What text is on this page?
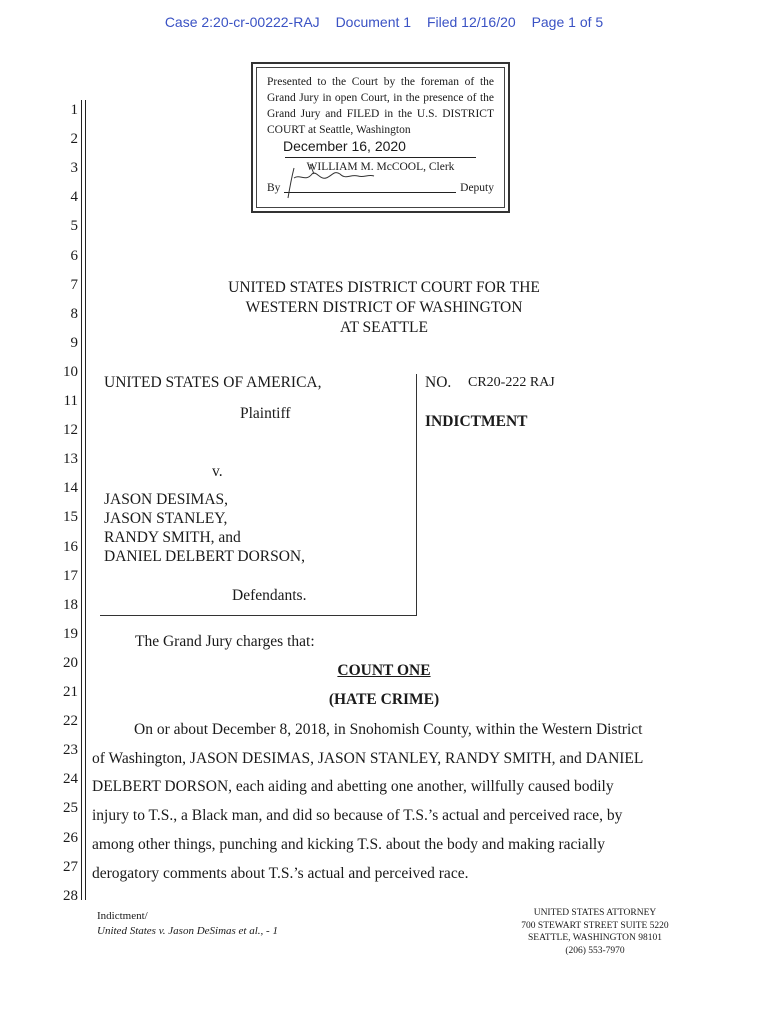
Case 2:20-cr-00222-RAJ Document 1 Filed 12/16/20 Page 1 of 5
Presented to the Court by the foreman of the Grand Jury in open Court, in the presence of the Grand Jury and FILED in the U.S. DISTRICT COURT at Seattle, Washington
December 16, 2020
WILLIAM M. McCOOL, Clerk
By	Deputy
1
2
3
4
5
6
7
8
9
10
11
12
13
14
15
16
17
18
19
20
21
22
23
24
25
26
27
28
UNITED STATES DISTRICT COURT FOR THE
WESTERN DISTRICT OF WASHINGTON
AT SEATTLE
UNITED STATES OF AMERICA,
Plaintiff
v.
JASON DESIMAS,
JASON STANLEY,
RANDY SMITH, and
DANIEL DELBERT DORSON,
Defendants.
NO. CR20-222 RAJ
INDICTMENT
The Grand Jury charges that:
COUNT ONE
(HATE CRIME)
On or about December 8, 2018, in Snohomish County, within the Western District
of Washington, JASON DESIMAS, JASON STANLEY, RANDY SMITH, and DANIEL
DELBERT DORSON, each aiding and abetting one another, willfully caused bodily
injury to T.S., a Black man, and did so because of T.S.’s actual and perceived race, by
among other things, punching and kicking T.S. about the body and making racially
derogatory comments about T.S.’s actual and perceived race.
Indictment/
United States v. Jason DeSimas et al., - 1
UNITED STATES ATTORNEY
700 STEWART STREET SUITE 5220
SEATTLE, WASHINGTON 98101
(206) 553-7970
